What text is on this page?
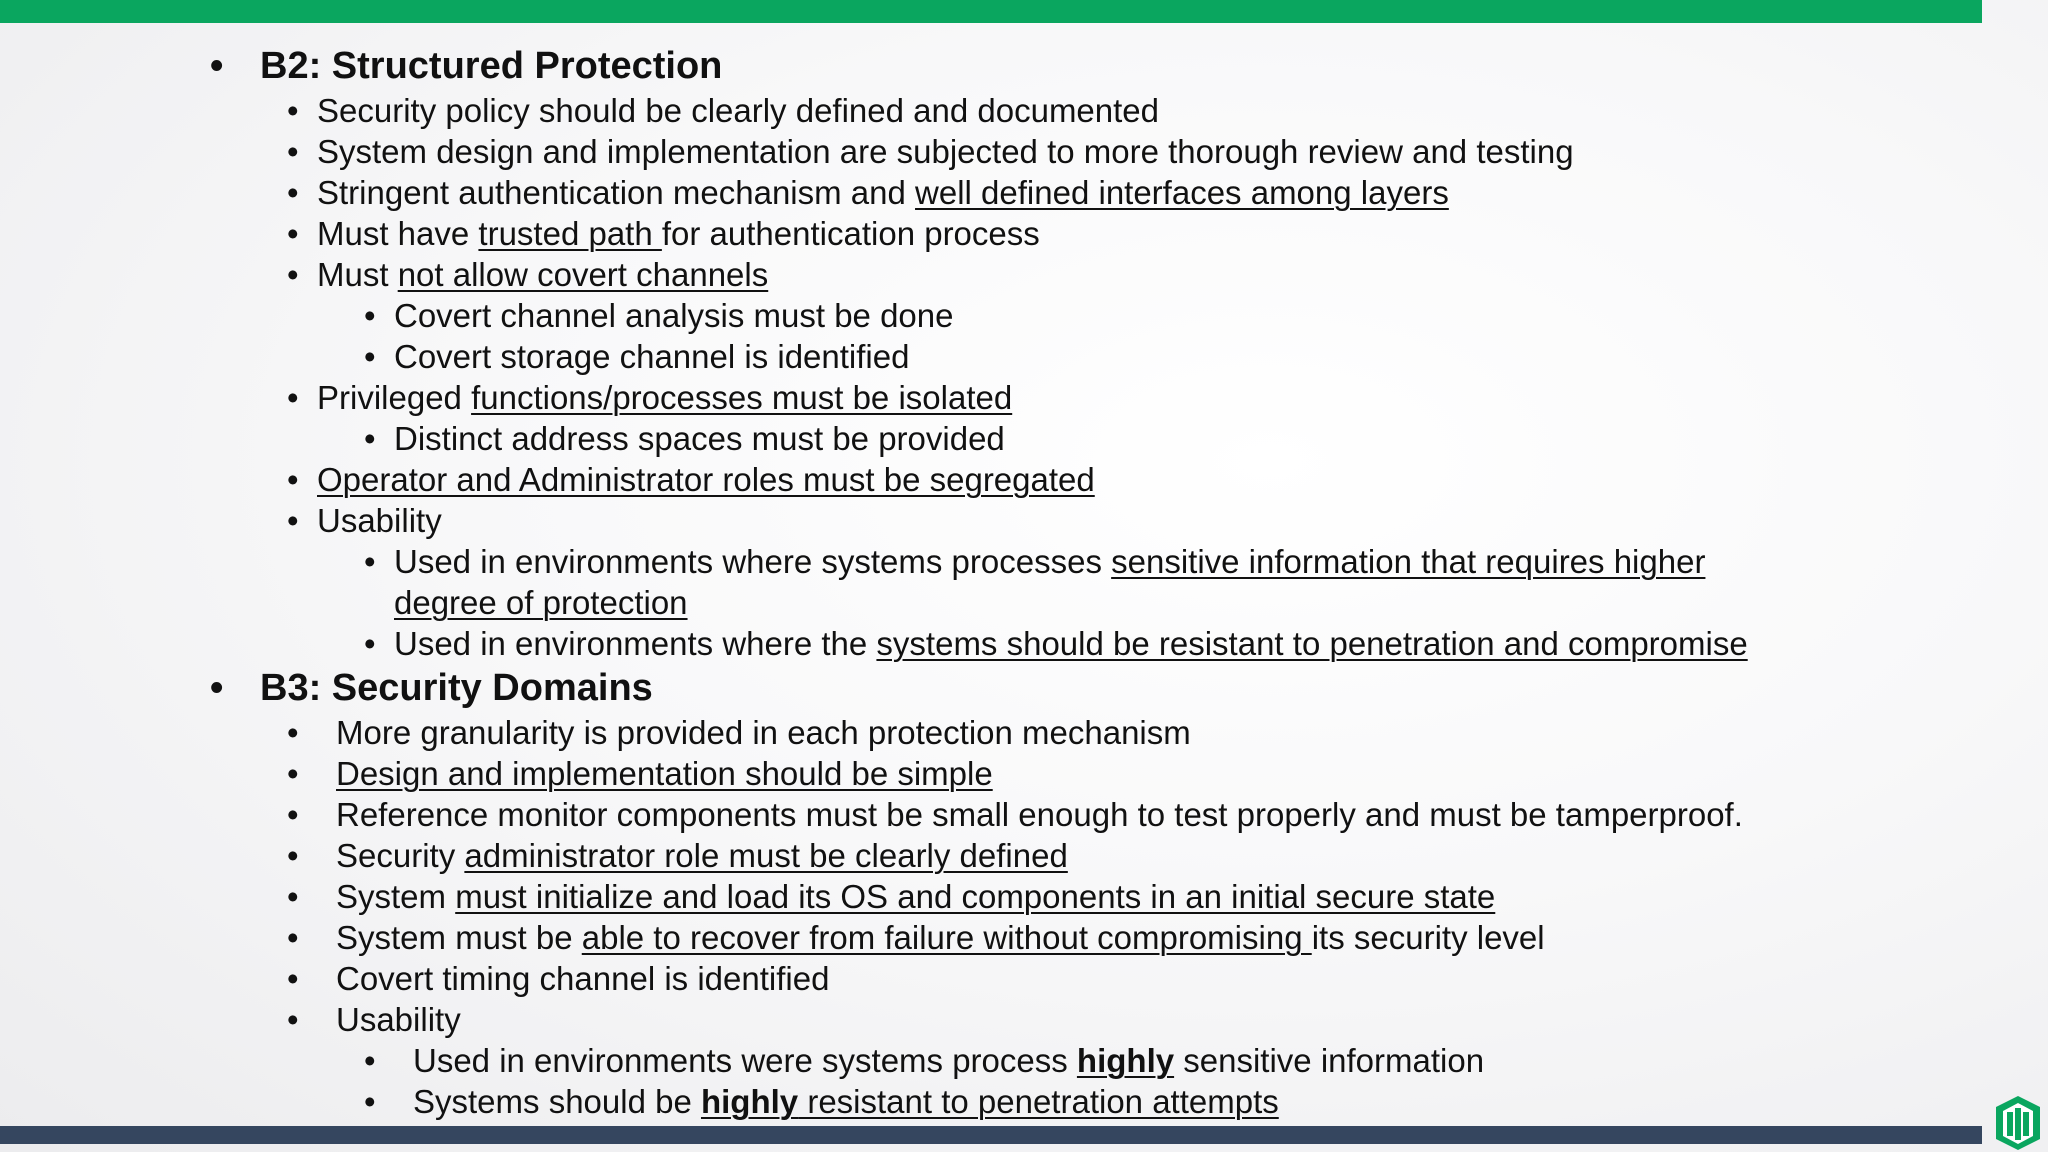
• B2: Structured Protection
• Security policy should be clearly defined and documented
• System design and implementation are subjected to more thorough review and testing
• Stringent authentication mechanism and well defined interfaces among layers
• Must have trusted path for authentication process
• Must not allow covert channels
• Covert channel analysis must be done
• Covert storage channel is identified
• Privileged functions/processes must be isolated
• Distinct address spaces must be provided
• Operator and Administrator roles must be segregated
• Usability
• Used in environments where systems processes sensitive information that requires higher
degree of protection
• Used in environments where the systems should be resistant to penetration and compromise
• B3: Security Domains
• More granularity is provided in each protection mechanism
• Design and implementation should be simple
• Reference monitor components must be small enough to test properly and must be tamperproof.
• Security administrator role must be clearly defined
• System must initialize and load its OS and components in an initial secure state
• System must be able to recover from failure without compromising its security level
• Covert timing channel is identified
• Usability
• Used in environments were systems process highly sensitive information
• Systems should be highly resistant to penetration attempts
